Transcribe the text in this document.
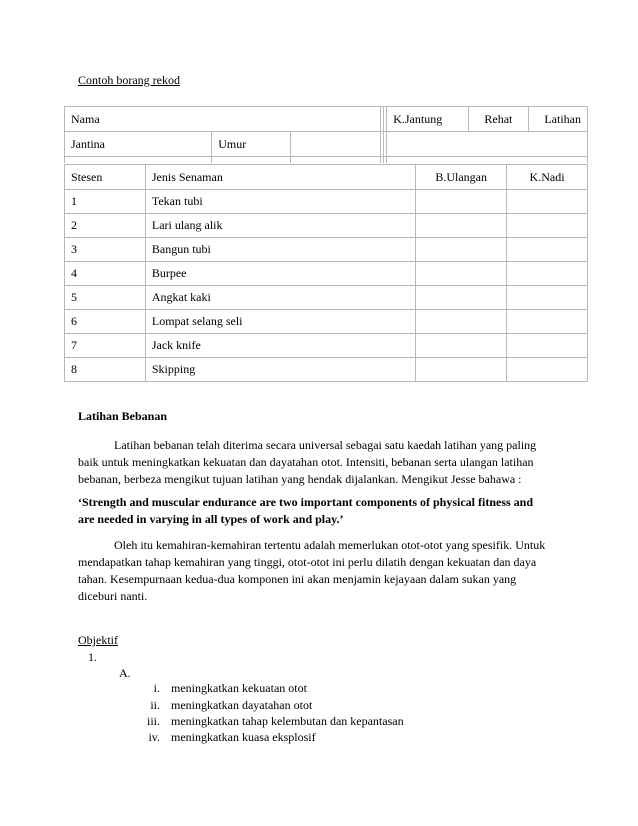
Contoh borang rekod
Nama					K.Jantung	Rehat	Latihan
Jantina	Umur						

Stesen	Jenis Senaman	B.Ulangan	K.Nadi
1	Tekan tubi		
2	Lari ulang alik		
3	Bangun tubi		
4	Burpee		
5	Angkat kaki		
6	Lompat selang seli		
7	Jack knife		
8	Skipping		
Latihan Bebanan
Latihan bebanan telah diterima secara universal sebagai satu kaedah latihan yang paling
baik untuk meningkatkan kekuatan dan dayatahan otot. Intensiti, bebanan serta ulangan latihan
bebanan, berbeza mengikut tujuan latihan yang hendak dijalankan. Mengikut Jesse bahawa :
‘Strength and muscular endurance are two important components of physical fitness and
are needed in varying in all types of work and play.’
Oleh itu kemahiran-kemahiran tertentu adalah memerlukan otot-otot yang spesifik. Untuk
mendapatkan tahap kemahiran yang tinggi, otot-otot ini perlu dilatih dengan kekuatan dan daya
tahan. Kesempurnaan kedua-dua komponen ini akan menjamin kejayaan dalam sukan yang
diceburi nanti.
Objektif
1.
A.
i. meningkatkan kekuatan otot
ii. meningkatkan dayatahan otot
iii. meningkatkan tahap kelembutan dan kepantasan
iv. meningkatkan kuasa eksplosif
